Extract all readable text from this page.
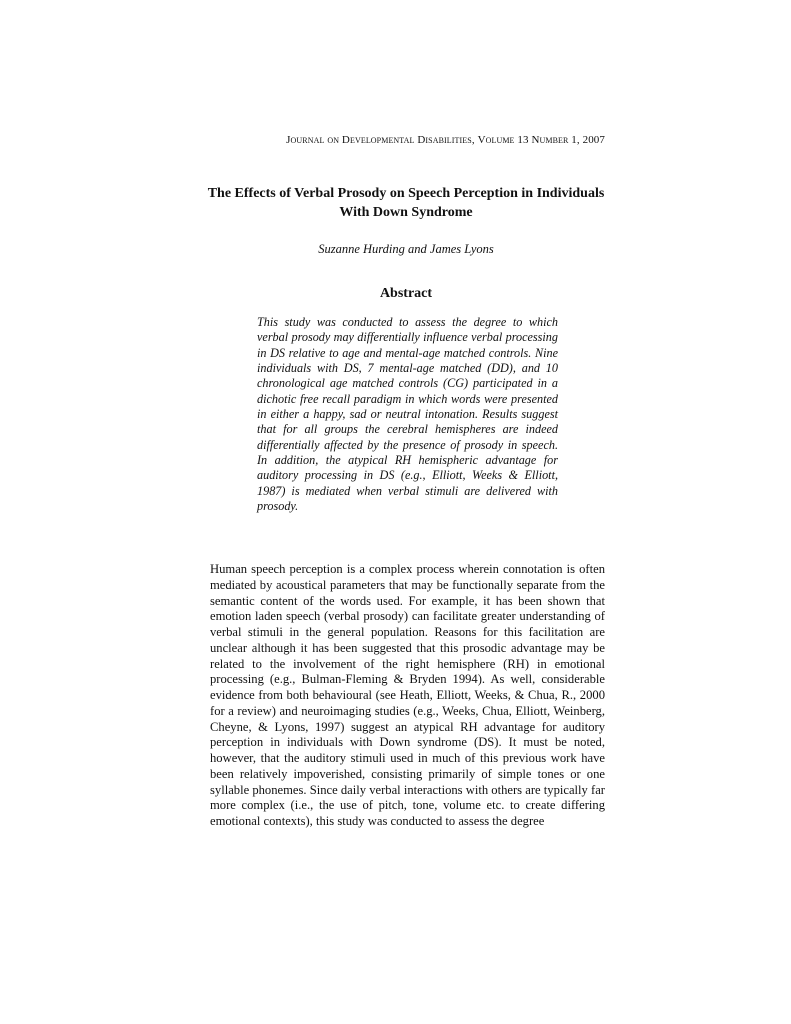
Journal on Developmental Disabilities, Volume 13 Number 1, 2007
The Effects of Verbal Prosody on Speech Perception in Individuals With Down Syndrome

Suzanne Hurding and James Lyons

Abstract

This study was conducted to assess the degree to which verbal prosody may differentially influence verbal processing in DS relative to age and mental-age matched controls. Nine individuals with DS, 7 mental-age matched (DD), and 10 chronological age matched controls (CG) participated in a dichotic free recall paradigm in which words were presented in either a happy, sad or neutral intonation. Results suggest that for all groups the cerebral hemispheres are indeed differentially affected by the presence of prosody in speech. In addition, the atypical RH hemispheric advantage for auditory processing in DS (e.g., Elliott, Weeks & Elliott, 1987) is mediated when verbal stimuli are delivered with prosody.

Human speech perception is a complex process wherein connotation is often mediated by acoustical parameters that may be functionally separate from the semantic content of the words used. For example, it has been shown that emotion laden speech (verbal prosody) can facilitate greater understanding of verbal stimuli in the general population. Reasons for this facilitation are unclear although it has been suggested that this prosodic advantage may be related to the involvement of the right hemisphere (RH) in emotional processing (e.g., Bulman-Fleming & Bryden 1994). As well, considerable evidence from both behavioural (see Heath, Elliott, Weeks, & Chua, R., 2000 for a review) and neuroimaging studies (e.g., Weeks, Chua, Elliott, Weinberg, Cheyne, & Lyons, 1997) suggest an atypical RH advantage for auditory perception in individuals with Down syndrome (DS). It must be noted, however, that the auditory stimuli used in much of this previous work have been relatively impoverished, consisting primarily of simple tones or one syllable phonemes. Since daily verbal interactions with others are typically far more complex (i.e., the use of pitch, tone, volume etc. to create differing emotional contexts), this study was conducted to assess the degree
